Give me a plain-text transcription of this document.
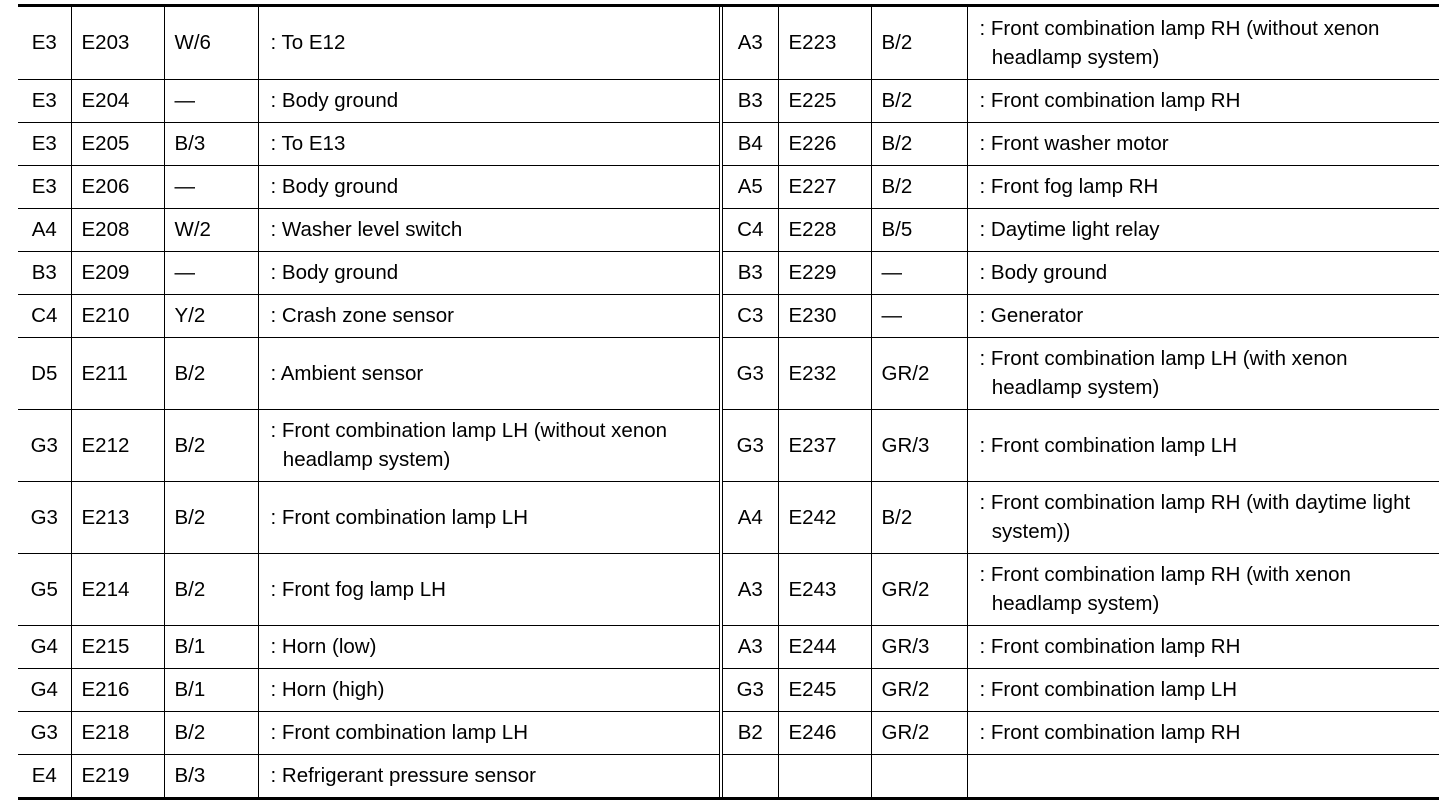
E3	E203	W/6	: To E12	A3	E223	B/2	: Front combination lamp RH (without xenon headlamp system)

E3	E204	—	: Body ground	B3	E225	B/2	: Front combination lamp RH

E3	E205	B/3	: To E13	B4	E226	B/2	: Front washer motor

E3	E206	—	: Body ground	A5	E227	B/2	: Front fog lamp RH

A4	E208	W/2	: Washer level switch	C4	E228	B/5	: Daytime light relay

B3	E209	—	: Body ground	B3	E229	—	: Body ground

C4	E210	Y/2	: Crash zone sensor	C3	E230	—	: Generator

D5	E211	B/2	: Ambient sensor	G3	E232	GR/2	: Front combination lamp LH (with xenon headlamp system)

G3	E212	B/2	: Front combination lamp LH (without xenon headlamp system)	G3	E237	GR/3	: Front combination lamp LH

G3	E213	B/2	: Front combination lamp LH	A4	E242	B/2	: Front combination lamp RH (with daytime light system))

G5	E214	B/2	: Front fog lamp LH	A3	E243	GR/2	: Front combination lamp RH (with xenon headlamp system)

G4	E215	B/1	: Horn (low)	A3	E244	GR/3	: Front combination lamp RH

G4	E216	B/1	: Horn (high)	G3	E245	GR/2	: Front combination lamp LH

G3	E218	B/2	: Front combination lamp LH	B2	E246	GR/2	: Front combination lamp RH

E4	E219	B/3	: Refrigerant pressure sensor				
